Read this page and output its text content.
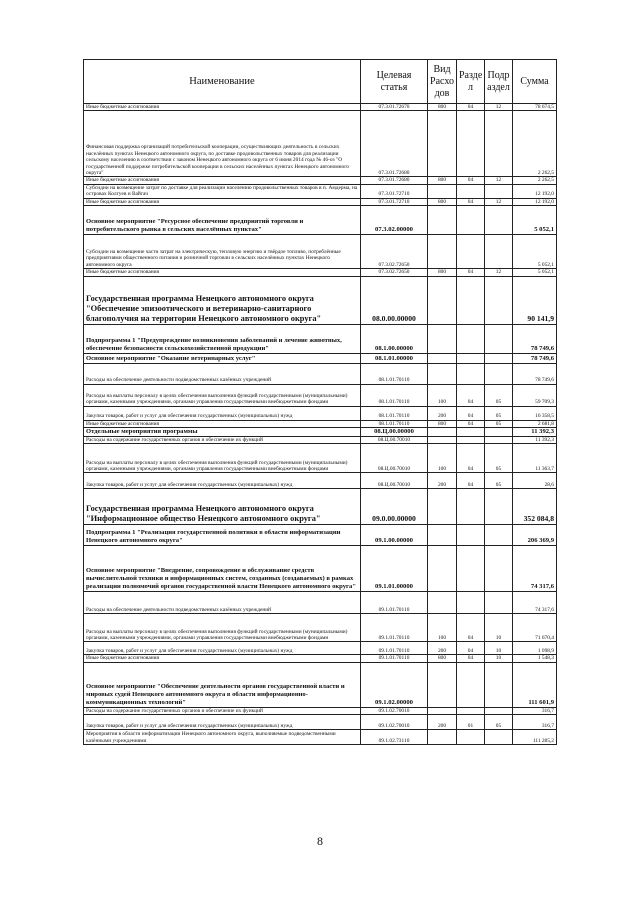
Наименование	Целевая статья	Вид Расхо дов	Разде л	Подр аздел	Сумма
Иные бюджетные ассигнования	07.3.01.72670	800	04	12	78 674,5
Финансовая поддержка организаций потребительской кооперации, осуществляющих деятельность в сельских населённых пунктах Ненецкого автономного округа, по доставке продовольственных товаров для реализации сельскому населению в соответствии с законом Ненецкого автономного округа от 6 июня 2014 года № 46-оз "О государственной поддержке потребительской кооперации в сельских населённых пунктах Ненецкого автономного округа"	07.3.01.72680				2 262,5
Иные бюджетные ассигнования	07.3.01.72680	800	04	12	2 262,5
Субсидии на возмещение затрат по доставке для реализации населению продовольственных товаров в п. Амдерма, на островах Колгуев и Вайгач	07.3.01.72710				12 192,0
Иные бюджетные ассигнования	07.3.01.72710	800	04	12	12 192,0
Основное мероприятие "Ресурсное обеспечение предприятий торговли и потребительского рынка в сельских населённых пунктах"	07.3.02.00000				5 052,1
Субсидии на возмещение части затрат на электрическую, тепловую энергию и твёрдое топливо, потреблённые предприятиями общественного питания и розничной торговли в сельских населённых пунктах Ненецкого автономного округа	07.3.02.72650				5 052,1
Иные бюджетные ассигнования	07.3.02.72650	800	04	12	5 052,1
Государственная программа Ненецкого автономного округа "Обеспечение эпизоотического и ветеринарно-санитарного благополучия на территории Ненецкого автономного округа"	08.0.00.00000				90 141,9
Подпрограмма 1 "Предупреждение возникновения заболеваний и лечение животных, обеспечение безопасности сельскохозяйственной продукции"	08.1.00.00000				78 749,6
Основное мероприятие "Оказание ветеринарных услуг"	08.1.01.00000				78 749,6
Расходы на обеспечение деятельности подведомственных казённых учреждений	08.1.01.70110				78 749,6
Расходы на выплаты персоналу в целях обеспечения выполнения функций государственными (муниципальными) органами, казенными учреждениями, органами управления государственными внебюджетными фондами	08.1.01.70110	100	04	05	59 709,3
Закупка товаров, работ и услуг для обеспечения государственных (муниципальных) нужд	08.1.01.70110	200	04	05	16 358,5
Иные бюджетные ассигнования	08.1.01.70110	800	04	05	2 681,8
Отдельные мероприятия программы	08.Ц.00.00000				11 392,3
Расходы на содержание государственных органов и обеспечение их функций	08.Ц.00.70010				11 392,3
Расходы на выплаты персоналу в целях обеспечения выполнения функций государственными (муниципальными) органами, казенными учреждениями, органами управления государственными внебюджетными фондами	08.Ц.00.70010	100	04	05	11 363,7
Закупка товаров, работ и услуг для обеспечения государственных (муниципальных) нужд	08.Ц.00.70010	200	04	05	28,6
Государственная программа Ненецкого автономного округа "Информационное общество Ненецкого автономного округа"	09.0.00.00000				352 084,8
Подпрограмма 1 "Реализация государственной политики в области информатизации Ненецкого автономного округа"	09.1.00.00000				206 369,9
Основное мероприятие "Внедрение, сопровождение и обслуживание средств вычислительной техники и информационных систем, созданных (создаваемых) в рамках реализации полномочий органов государственной власти Ненецкого автономного округа"	09.1.01.00000				74 317,6
Расходы на обеспечение деятельности подведомственных казённых учреждений	09.1.01.70110				74 317,6
Расходы на выплаты персоналу в целях обеспечения выполнения функций государственными (муниципальными) органами, казенными учреждениями, органами управления государственными внебюджетными фондами	09.1.01.70110	100	04	10	71 670,4
Закупка товаров, работ и услуг для обеспечения государственных (муниципальных) нужд	09.1.01.70110	200	04	10	1 098,9
Иные бюджетные ассигнования	09.1.01.70110	800	04	10	1 548,3
Основное мероприятие "Обеспечение деятельности органов государственной власти и мировых судей Ненецкого автономного округа в области информационно-коммуникационных технологий"	09.1.02.00000				111 601,9
Расходы на содержание государственных органов и обеспечение их функций	09.1.02.70010				316,7
Закупка товаров, работ и услуг для обеспечения государственных (муниципальных) нужд	09.1.02.70010	200	01	05	316,7
Мероприятия в области информатизации Ненецкого автономного округа, выполняемые подведомственными казёнными учреждениями	09.1.02.73110				111 285,2
8
